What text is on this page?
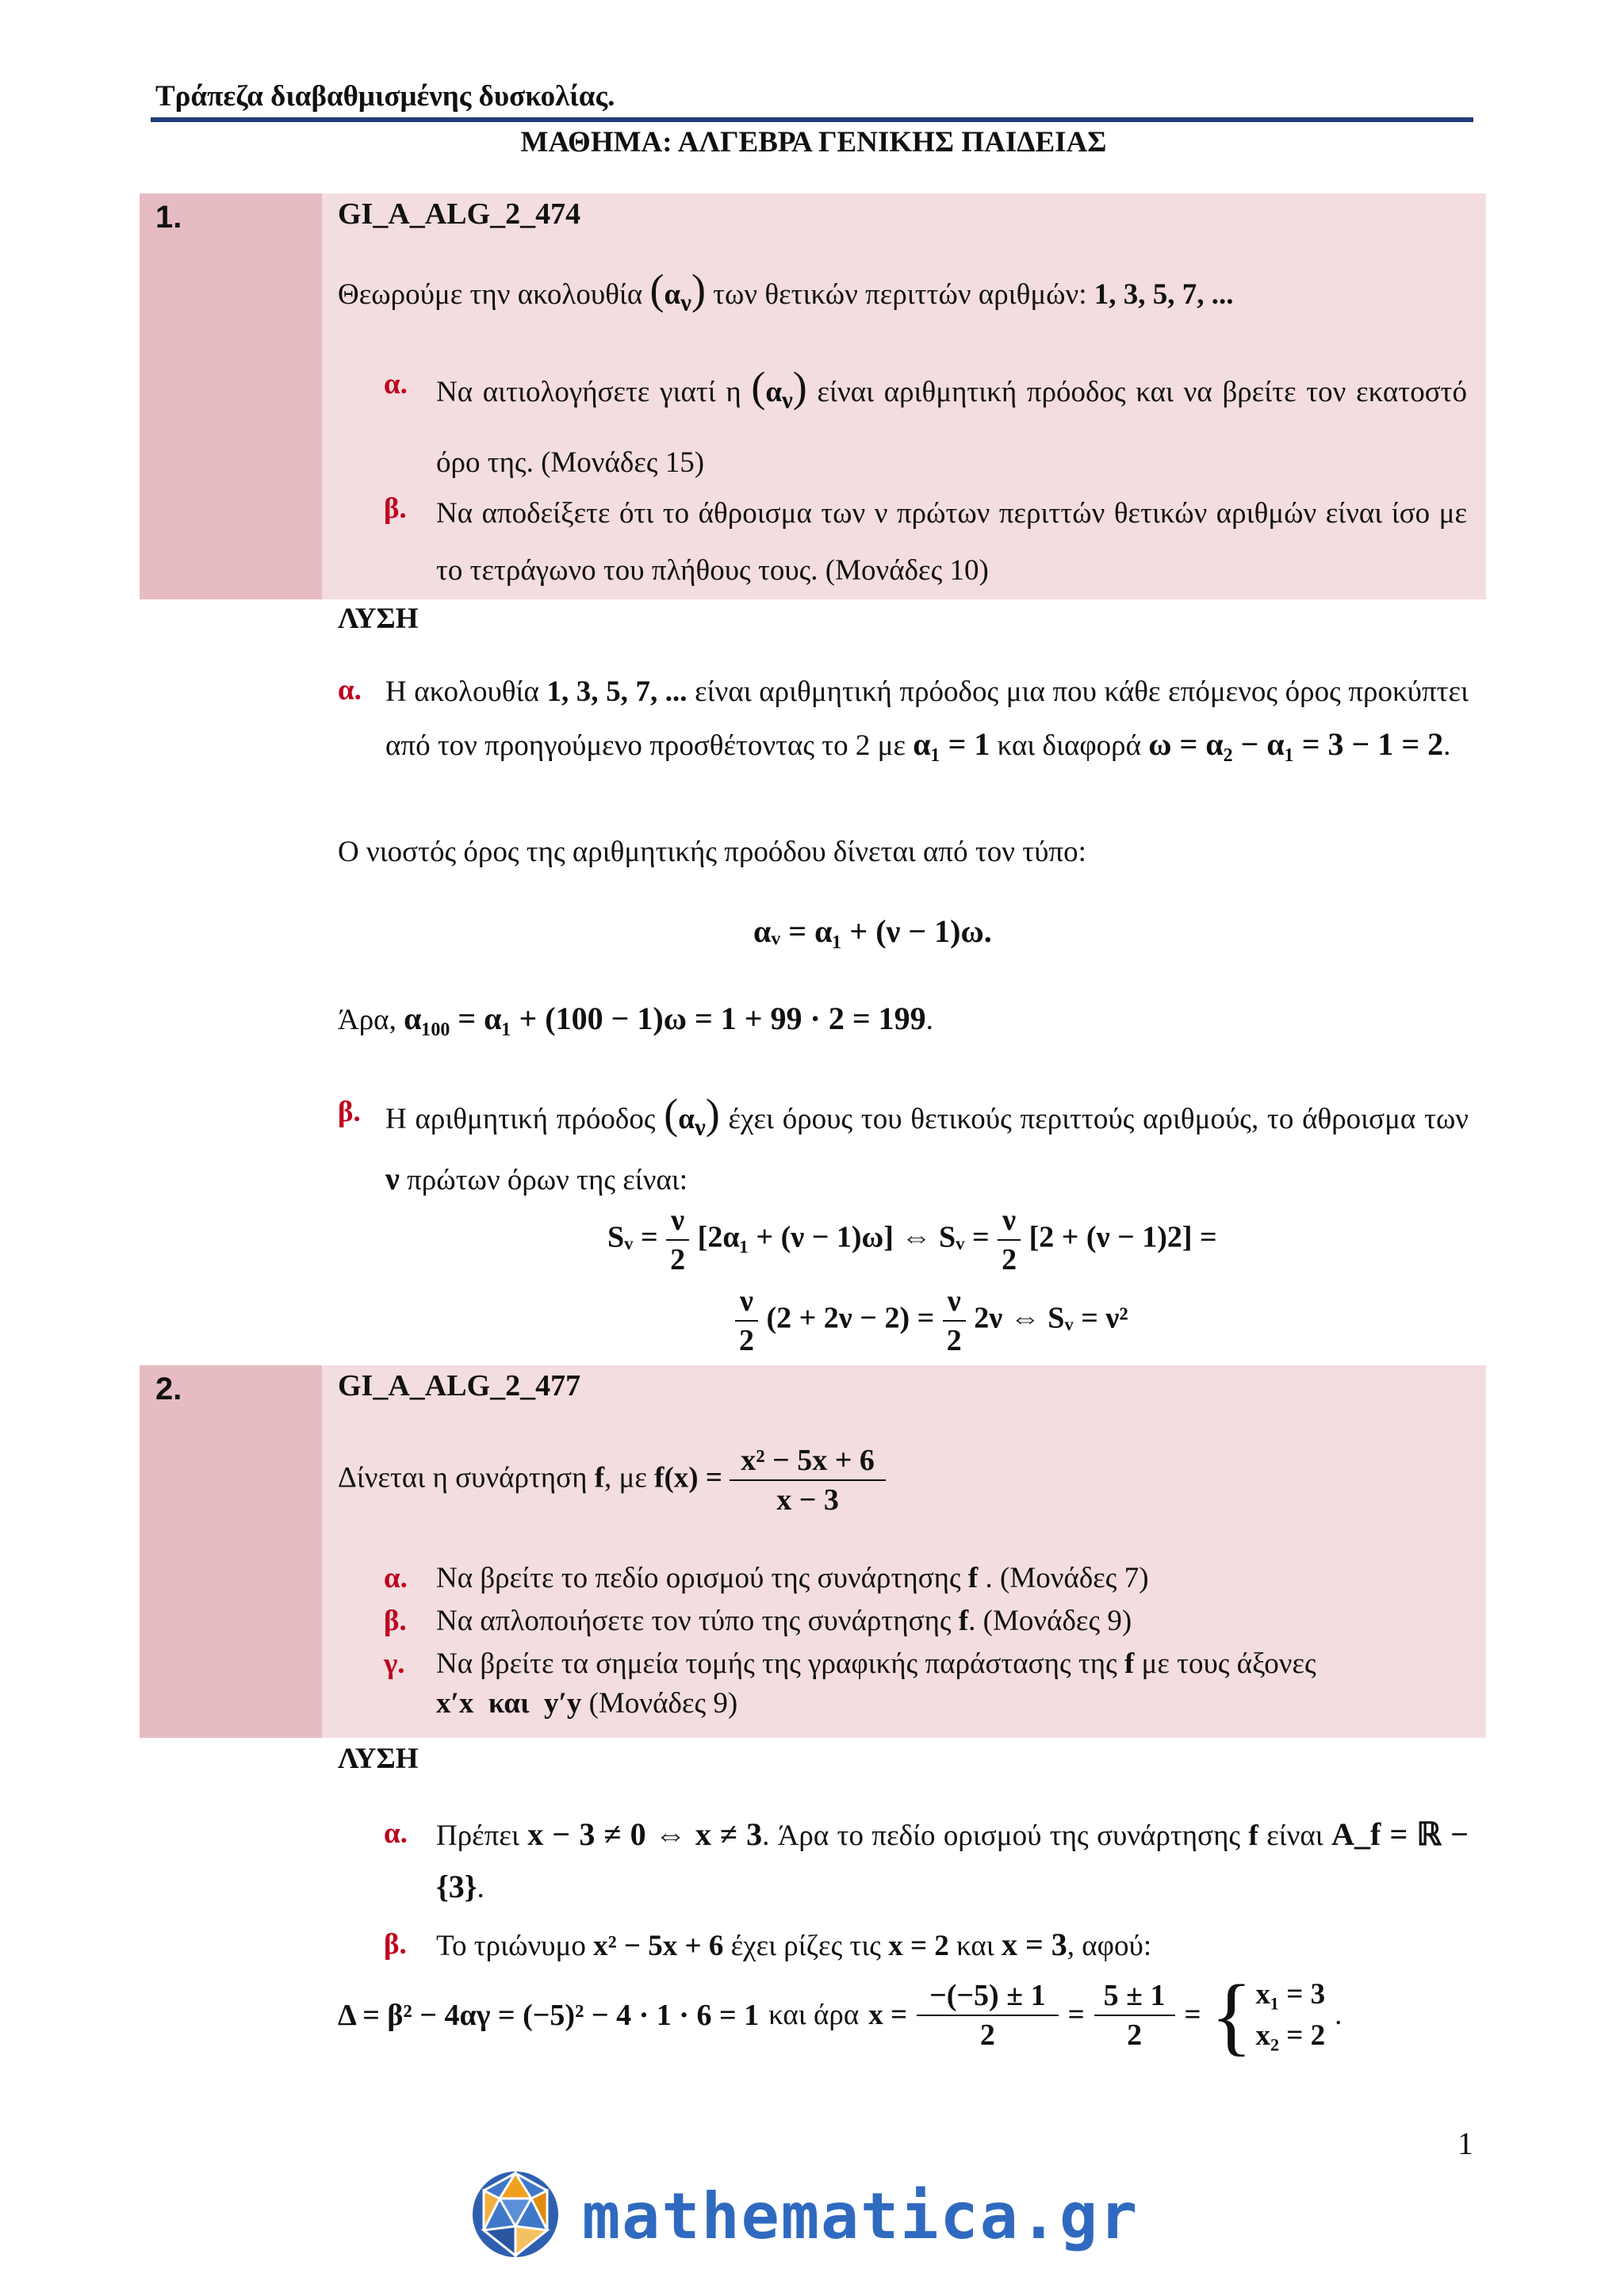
Τράπεζα διαβαθμισμένης δυσκολίας.
ΜΑΘΗΜΑ: ΑΛΓΕΒΡΑ ΓΕΝΙΚΗΣ ΠΑΙΔΕΙΑΣ
1.	GI_A_ALG_2_474
Θεωρούμε την ακολουθία $(\alpha_\nu)$ των θετικών περιττών αριθμών: 1, 3, 5, 7, ...
α. Να αιτιολογήσετε γιατί η $(\alpha_\nu)$ είναι αριθμητική πρόοδος και να βρείτε τον εκατοστό όρο της. (Μονάδες 15)
β. Να αποδείξετε ότι το άθροισμα των ν πρώτων περιττών θετικών αριθμών είναι ίσο με το τετράγωνο του πλήθους τους. (Μονάδες 10)
ΛΥΣΗ
α. Η ακολουθία 1, 3, 5, 7, ... είναι αριθμητική πρόοδος μια που κάθε επόμενος όρος προκύπτει από τον προηγούμενο προσθέτοντας το 2 με α₁ = 1 και διαφορά ω = α₂ − α₁ = 3 − 1 = 2.
Ο νιοστός όρος της αριθμητικής προόδου δίνεται από τον τύπο:
αᵥ = α₁ + (ν − 1)ω.
Άρα, α₁₀₀ = α₁ + (100 − 1)ω = 1 + 99 · 2 = 199.
β. Η αριθμητική πρόοδος $(\alpha_\nu)$ έχει όρους του θετικούς περιττούς αριθμούς, το άθροισμα των ν πρώτων όρων της είναι:
Sᵥ = $\frac{\nu}{2} [2\alpha_1 + (\nu - 1)\omega]$ ⇔ Sᵥ = $\frac{\nu}{2} [2 + (\nu - 1)2]$ =
$\frac{\nu}{2} (2 + 2\nu - 2) = \frac{\nu}{2} 2\nu$ ⇔ Sᵥ = ν²
2.	GI_A_ALG_2_477
Δίνεται η συνάρτηση f, με $f(x) = \frac{\text{x² − 5x + 6}}{x - 3}$
α. Να βρείτε το πεδίο ορισμού της συνάρτησης f . (Μονάδες 7)
β. Να απλοποιήσετε τον τύπο της συνάρτησης f. (Μονάδες 9)
γ. Να βρείτε τα σημεία τομής της γραφικής παράστασης της f με τους άξονες
x′x  και  y′y (Μονάδες 9)
ΛΥΣΗ
α. Πρέπει x − 3 ≠ 0 ⇔ x ≠ 3. Άρα το πεδίο ορισμού της συνάρτησης f είναι A_f = ℝ − {3}.
β. Το τριώνυμο x² − 5x + 6 έχει ρίζες τις x = 2 και x = 3, αφού:
Δ = β² − 4αγ = (−5)² − 4 · 1 · 6 = 1 και άρα $x = \frac{-(-5) \pm 1}{2} = \frac{5 \pm 1}{2}$ = { x₁ = 3
x₂ = 2
.
1
mathematica.gr
